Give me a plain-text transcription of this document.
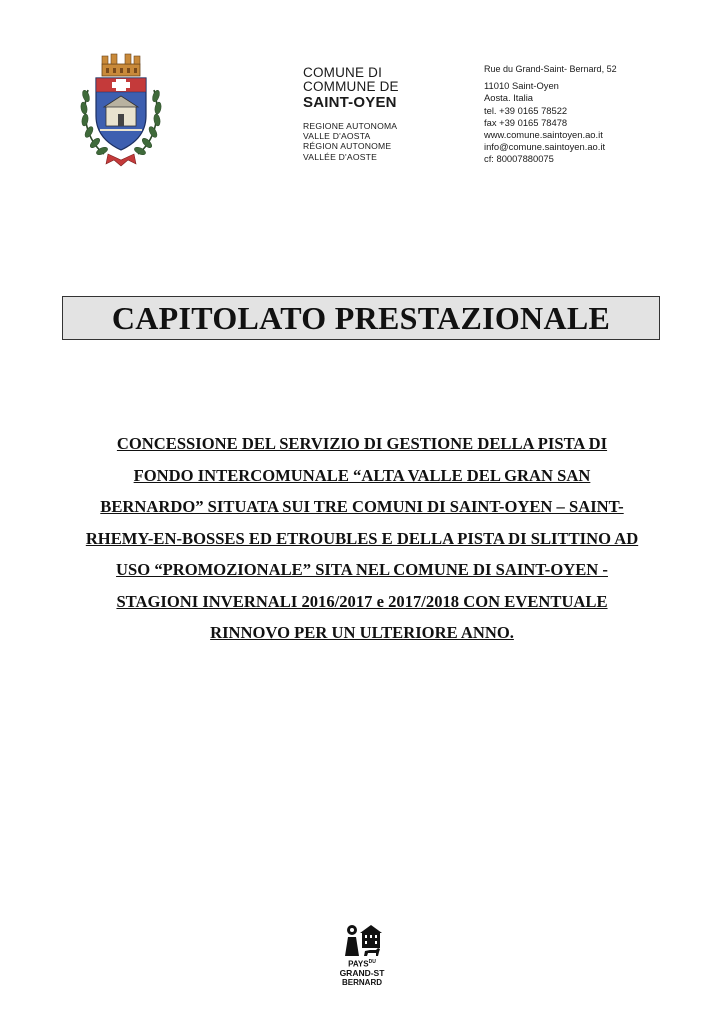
COMUNE DI
COMMUNE DE
SAINT-OYEN
REGIONE AUTONOMA
VALLE D'AOSTA
RÉGION AUTONOME
VALLÉE D'AOSTE
Rue du Grand-Saint- Bernard, 52
11010 Saint-Oyen
Aosta. Italia
tel. +39 0165 78522
fax +39 0165 78478
www.comune.saintoyen.ao.it
info@comune.saintoyen.ao.it
cf: 80007880075
CAPITOLATO PRESTAZIONALE
CONCESSIONE DEL SERVIZIO DI GESTIONE DELLA PISTA DI
FONDO INTERCOMUNALE “ALTA VALLE DEL GRAN SAN
BERNARDO” SITUATA SUI TRE COMUNI DI SAINT-OYEN – SAINT-
RHEMY-EN-BOSSES ED ETROUBLES E DELLA PISTA DI SLITTINO AD
USO “PROMOZIONALE” SITA NEL COMUNE DI SAINT-OYEN -
STAGIONI INVERNALI 2016/2017 e 2017/2018 CON EVENTUALE
RINNOVO PER UN ULTERIORE ANNO.
$PAYS^{DU}$
GRAND-ST
BERNARD
